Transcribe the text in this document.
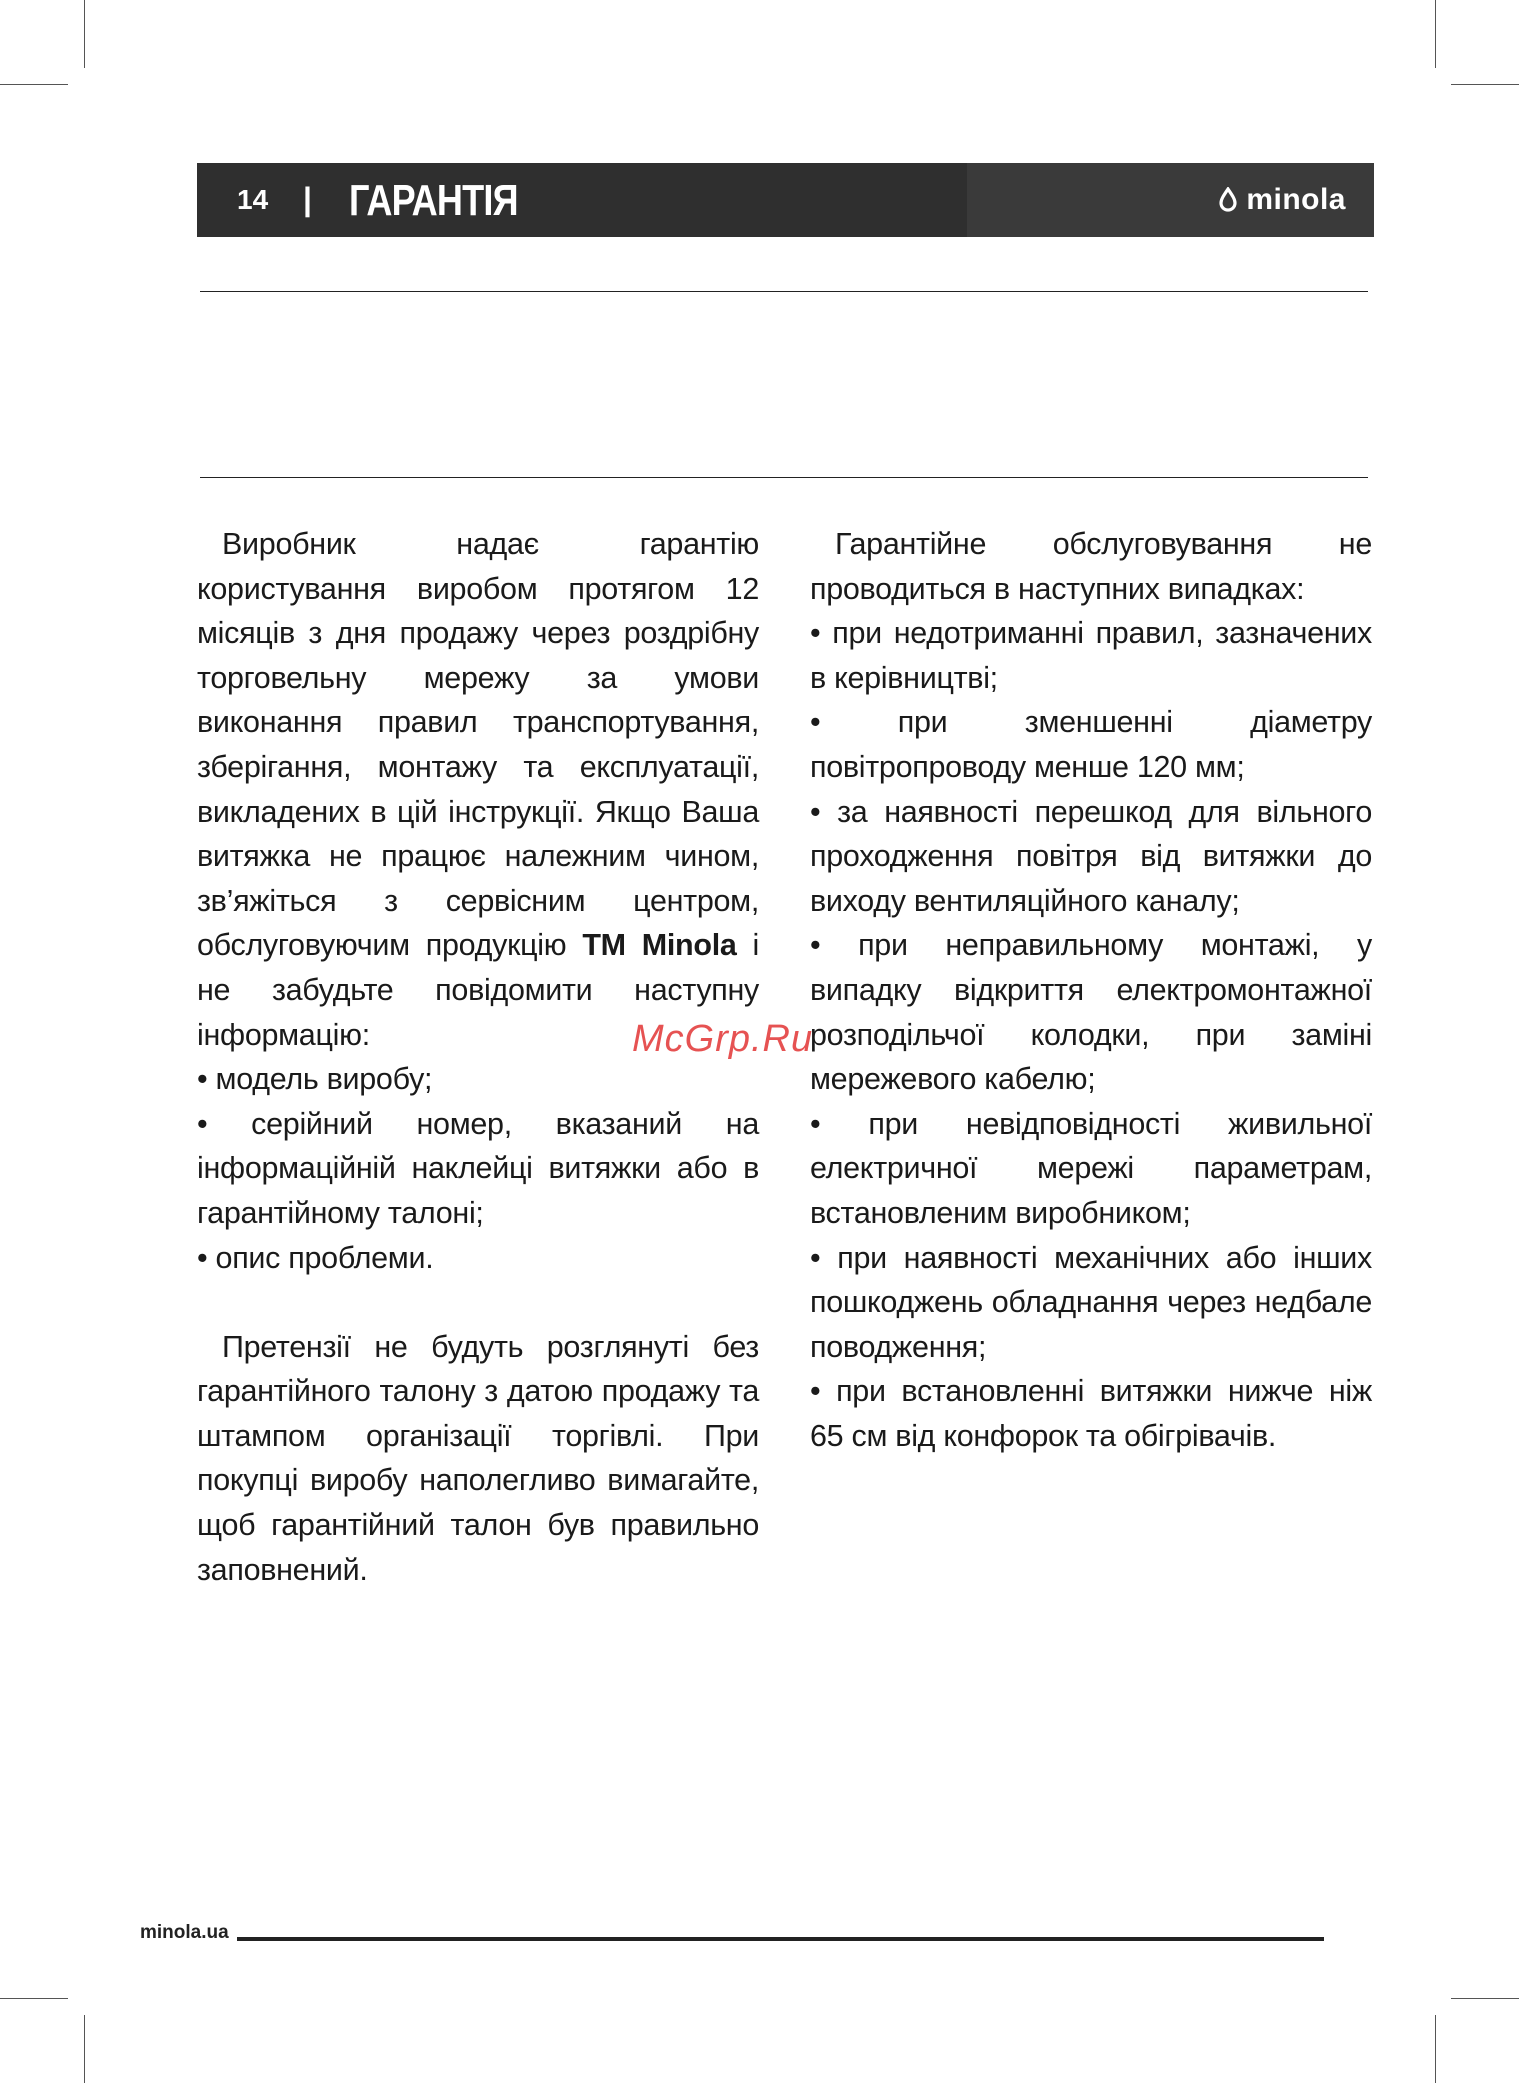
14 | ГАРАНТІЯ	minola

Виробник надає гарантію користування виробом протягом 12 місяців з дня продажу через роздрібну торговельну мережу за умови виконання правил транспортування, зберігання, монтажу та експлуатації, викладених в цій інструкції. Якщо Ваша витяжка не працює належним чином, зв’яжіться з сервісним центром, обслуговуючим продукцію ТМ Minola і не забудьте повідомити наступну інформацію:

• модель виробу;

• серійний номер, вказаний на інформаційній наклейці витяжки або в гарантійному талоні;

• опис проблеми.

Претензії не будуть розглянуті без гарантійного талону з датою продажу та штампом організації торгівлі. При покупці виробу наполегливо вимагайте, щоб гарантійний талон був правильно заповнений.

Гарантійне обслуговування не проводиться в наступних випадках:

• при недотриманні правил, зазначених в керівництві;

• при зменшенні діаметру повітропроводу менше 120 мм;

• за наявності перешкод для вільного проходження повітря від витяжки до виходу вентиляційного каналу;

• при неправильному монтажі, у випадку відкриття електромонтажної розподільчої колодки, при заміні мережевого кабелю;

• при невідповідності живильної електричної мережі параметрам, встановленим виробником;

• при наявності механічних або інших пошкоджень обладнання через недбале поводження;

• при встановленні витяжки нижче ніж 65 см від конфорок та обігрівачів.

McGrp.Ru
minola.ua
